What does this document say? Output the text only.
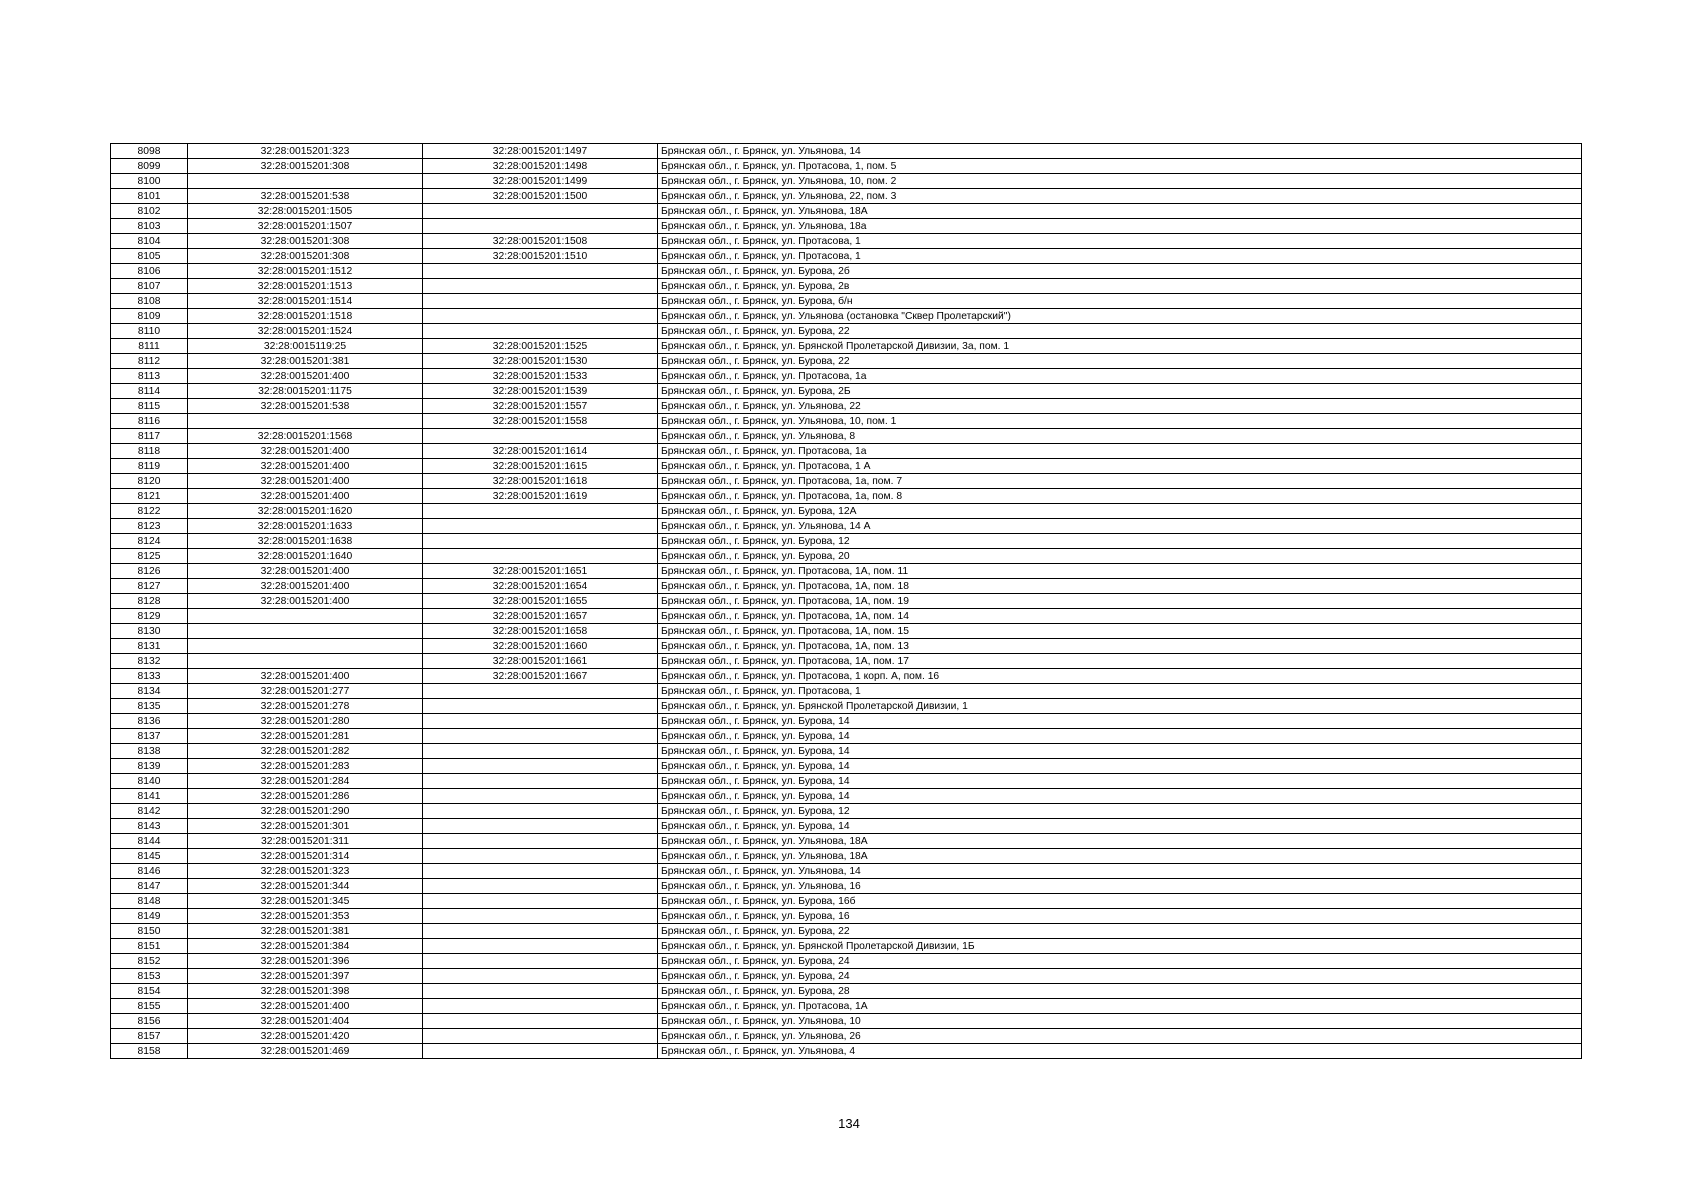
8098	32:28:0015201:323	32:28:0015201:1497	Брянская обл., г. Брянск, ул. Ульянова, 14
8099	32:28:0015201:308	32:28:0015201:1498	Брянская обл., г. Брянск, ул. Протасова, 1, пом. 5
8100		32:28:0015201:1499	Брянская обл., г. Брянск, ул. Ульянова, 10, пом. 2
8101	32:28:0015201:538	32:28:0015201:1500	Брянская обл., г. Брянск, ул. Ульянова, 22, пом. 3
8102	32:28:0015201:1505		Брянская обл., г. Брянск, ул. Ульянова, 18А
8103	32:28:0015201:1507		Брянская обл., г. Брянск, ул. Ульянова, 18а
8104	32:28:0015201:308	32:28:0015201:1508	Брянская обл., г. Брянск, ул. Протасова, 1
8105	32:28:0015201:308	32:28:0015201:1510	Брянская обл., г. Брянск, ул. Протасова, 1
8106	32:28:0015201:1512		Брянская обл., г. Брянск, ул. Бурова, 2б
8107	32:28:0015201:1513		Брянская обл., г. Брянск, ул. Бурова, 2в
8108	32:28:0015201:1514		Брянская обл., г. Брянск, ул. Бурова, б/н
8109	32:28:0015201:1518		Брянская обл., г. Брянск, ул. Ульянова (остановка "Сквер Пролетарский")
8110	32:28:0015201:1524		Брянская обл., г. Брянск, ул. Бурова, 22
8111	32:28:0015119:25	32:28:0015201:1525	Брянская обл., г. Брянск, ул. Брянской Пролетарской Дивизии, 3а, пом. 1
8112	32:28:0015201:381	32:28:0015201:1530	Брянская обл., г. Брянск, ул. Бурова, 22
8113	32:28:0015201:400	32:28:0015201:1533	Брянская обл., г. Брянск, ул. Протасова, 1а
8114	32:28:0015201:1175	32:28:0015201:1539	Брянская обл., г. Брянск, ул. Бурова, 2Б
8115	32:28:0015201:538	32:28:0015201:1557	Брянская обл., г. Брянск, ул. Ульянова, 22
8116		32:28:0015201:1558	Брянская обл., г. Брянск, ул. Ульянова, 10, пом. 1
8117	32:28:0015201:1568		Брянская обл., г. Брянск, ул. Ульянова, 8
8118	32:28:0015201:400	32:28:0015201:1614	Брянская обл., г. Брянск, ул. Протасова, 1а
8119	32:28:0015201:400	32:28:0015201:1615	Брянская обл., г. Брянск, ул. Протасова, 1 А
8120	32:28:0015201:400	32:28:0015201:1618	Брянская обл., г. Брянск, ул. Протасова, 1а, пом. 7
8121	32:28:0015201:400	32:28:0015201:1619	Брянская обл., г. Брянск, ул. Протасова, 1а, пом. 8
8122	32:28:0015201:1620		Брянская обл., г. Брянск, ул. Бурова, 12А
8123	32:28:0015201:1633		Брянская обл., г. Брянск, ул. Ульянова, 14 А
8124	32:28:0015201:1638		Брянская обл., г. Брянск, ул. Бурова, 12
8125	32:28:0015201:1640		Брянская обл., г. Брянск, ул. Бурова, 20
8126	32:28:0015201:400	32:28:0015201:1651	Брянская обл., г. Брянск, ул. Протасова, 1А, пом. 11
8127	32:28:0015201:400	32:28:0015201:1654	Брянская обл., г. Брянск, ул. Протасова, 1А, пом. 18
8128	32:28:0015201:400	32:28:0015201:1655	Брянская обл., г. Брянск, ул. Протасова, 1А, пом. 19
8129		32:28:0015201:1657	Брянская обл., г. Брянск, ул. Протасова, 1А, пом. 14
8130		32:28:0015201:1658	Брянская обл., г. Брянск, ул. Протасова, 1А, пом. 15
8131		32:28:0015201:1660	Брянская обл., г. Брянск, ул. Протасова, 1А, пом. 13
8132		32:28:0015201:1661	Брянская обл., г. Брянск, ул. Протасова, 1А, пом. 17
8133	32:28:0015201:400	32:28:0015201:1667	Брянская обл., г. Брянск, ул. Протасова, 1 корп. А, пом. 16
8134	32:28:0015201:277		Брянская обл., г. Брянск, ул. Протасова, 1
8135	32:28:0015201:278		Брянская обл., г. Брянск, ул. Брянской Пролетарской Дивизии, 1
8136	32:28:0015201:280		Брянская обл., г. Брянск, ул. Бурова, 14
8137	32:28:0015201:281		Брянская обл., г. Брянск, ул. Бурова, 14
8138	32:28:0015201:282		Брянская обл., г. Брянск, ул. Бурова, 14
8139	32:28:0015201:283		Брянская обл., г. Брянск, ул. Бурова, 14
8140	32:28:0015201:284		Брянская обл., г. Брянск, ул. Бурова, 14
8141	32:28:0015201:286		Брянская обл., г. Брянск, ул. Бурова, 14
8142	32:28:0015201:290		Брянская обл., г. Брянск, ул. Бурова, 12
8143	32:28:0015201:301		Брянская обл., г. Брянск, ул. Бурова, 14
8144	32:28:0015201:311		Брянская обл., г. Брянск, ул. Ульянова, 18А
8145	32:28:0015201:314		Брянская обл., г. Брянск, ул. Ульянова, 18А
8146	32:28:0015201:323		Брянская обл., г. Брянск, ул. Ульянова, 14
8147	32:28:0015201:344		Брянская обл., г. Брянск, ул. Ульянова, 16
8148	32:28:0015201:345		Брянская обл., г. Брянск, ул. Бурова, 16б
8149	32:28:0015201:353		Брянская обл., г. Брянск, ул. Бурова, 16
8150	32:28:0015201:381		Брянская обл., г. Брянск, ул. Бурова, 22
8151	32:28:0015201:384		Брянская обл., г. Брянск, ул. Брянской Пролетарской Дивизии, 1Б
8152	32:28:0015201:396		Брянская обл., г. Брянск, ул. Бурова, 24
8153	32:28:0015201:397		Брянская обл., г. Брянск, ул. Бурова, 24
8154	32:28:0015201:398		Брянская обл., г. Брянск, ул. Бурова, 28
8155	32:28:0015201:400		Брянская обл., г. Брянск, ул. Протасова, 1А
8156	32:28:0015201:404		Брянская обл., г. Брянск, ул. Ульянова, 10
8157	32:28:0015201:420		Брянская обл., г. Брянск, ул. Ульянова, 26
8158	32:28:0015201:469		Брянская обл., г. Брянск, ул. Ульянова, 4
134
